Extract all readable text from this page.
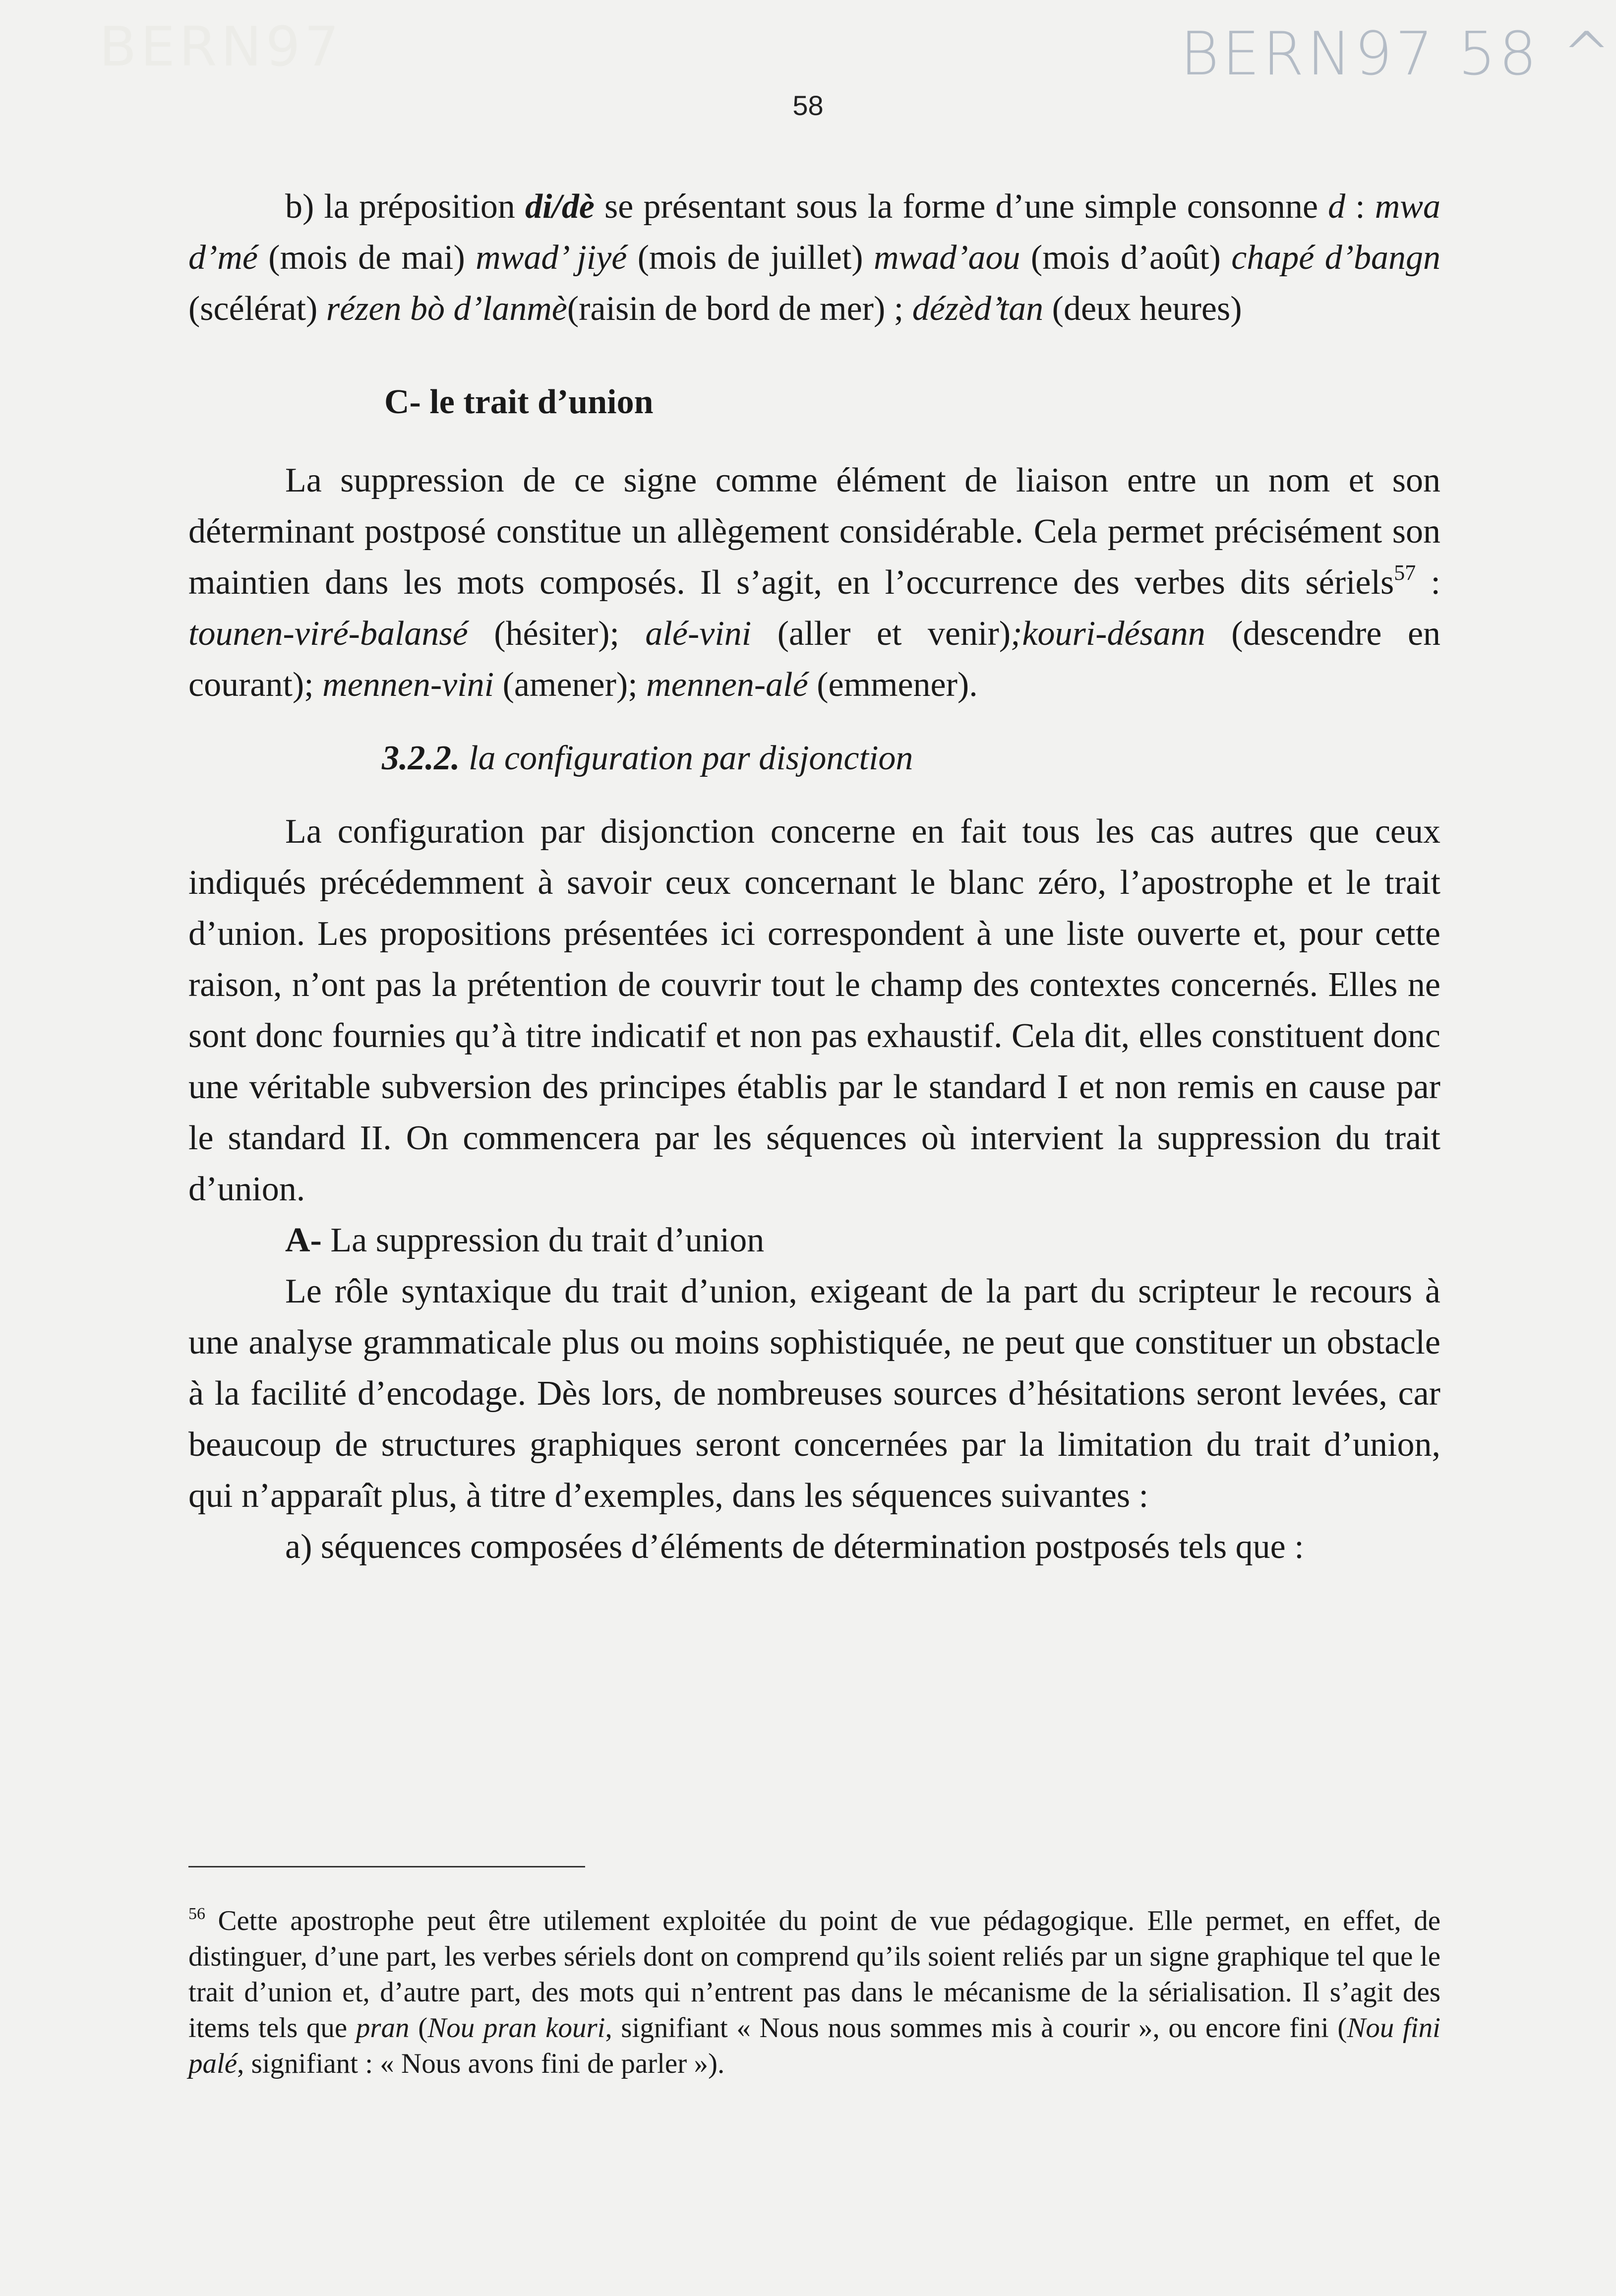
BERN97	BERN97 58 ^
58

b) la préposition di/dè se présentant sous la forme d’une simple consonne d : mwa d’mé (mois de mai) mwad’ jiyé (mois de juillet) mwad’aou (mois d’août) chapé d’bangn (scélérat) rézen bò d’lanmè(raisin de bord de mer) ; dézèd’tan (deux heures)

C- le trait d’union

La suppression de ce signe comme élément de liaison entre un nom et son déterminant postposé constitue un allègement considérable. Cela permet précisément son maintien dans les mots composés. Il s’agit, en l’occurrence des verbes dits sériels$^{57}$ : tounen-viré-balansé (hésiter); alé-vini (aller et venir);kouri-désann (descendre en courant); mennen-vini (amener); mennen-alé (emmener).

3.2.2. la configuration par disjonction

La configuration par disjonction concerne en fait tous les cas autres que ceux indiqués précédemment à savoir ceux concernant le blanc zéro, l’apostrophe et le trait d’union. Les propositions présentées ici correspondent à une liste ouverte et, pour cette raison, n’ont pas la prétention de couvrir tout le champ des contextes concernés. Elles ne sont donc fournies qu’à titre indicatif et non pas exhaustif. Cela dit, elles constituent donc une véritable subversion des principes établis par le standard I et non remis en cause par le standard II. On commencera par les séquences où intervient la suppression du trait d’union.

A- La suppression du trait d’union

Le rôle syntaxique du trait d’union, exigeant de la part du scripteur le recours à une analyse grammaticale plus ou moins sophistiquée, ne peut que constituer un obstacle à la facilité d’encodage. Dès lors, de nombreuses sources d’hésitations seront levées, car beaucoup de structures graphiques seront concernées par la limitation du trait d’union, qui n’apparaît plus, à titre d’exemples, dans les séquences suivantes :

a) séquences composées d’éléments de détermination postposés tels que :

$^{56}$ Cette apostrophe peut être utilement exploitée du point de vue pédagogique. Elle permet, en effet, de distinguer, d’une part, les verbes sériels dont on comprend qu’ils soient reliés par un signe graphique tel que le trait d’union et, d’autre part, des mots qui n’entrent pas dans le mécanisme de la sérialisation. Il s’agit des items tels que pran (Nou pran kouri, signifiant « Nous nous sommes mis à courir », ou encore fini (Nou fini palé, signifiant : « Nous avons fini de parler »).
